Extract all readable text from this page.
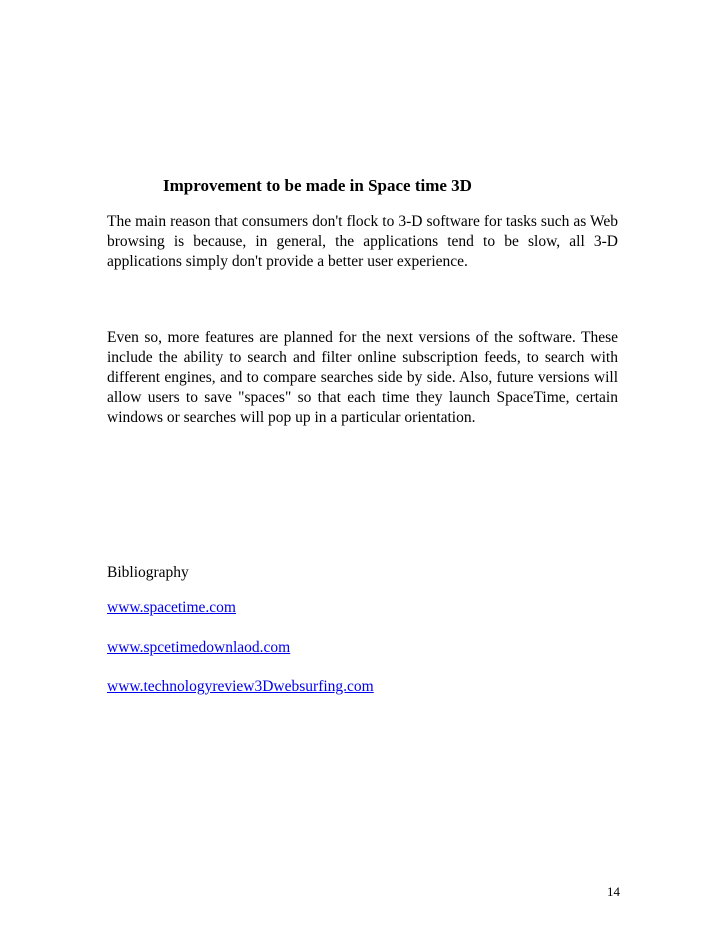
Improvement to be made in Space time 3D
The main reason that consumers don't flock to 3-D software for tasks such as Web browsing is because, in general, the applications tend to be slow, all 3-D applications simply don't provide a better user experience.
Even so, more features are planned for the next versions of the software. These include the ability to search and filter online subscription feeds, to search with different engines, and to compare searches side by side. Also, future versions will allow users to save "spaces" so that each time they launch SpaceTime, certain windows or searches will pop up in a particular orientation.
Bibliography
www.spacetime.com
www.spcetimedownlaod.com
www.technologyreview3Dwebsurfing.com
14
